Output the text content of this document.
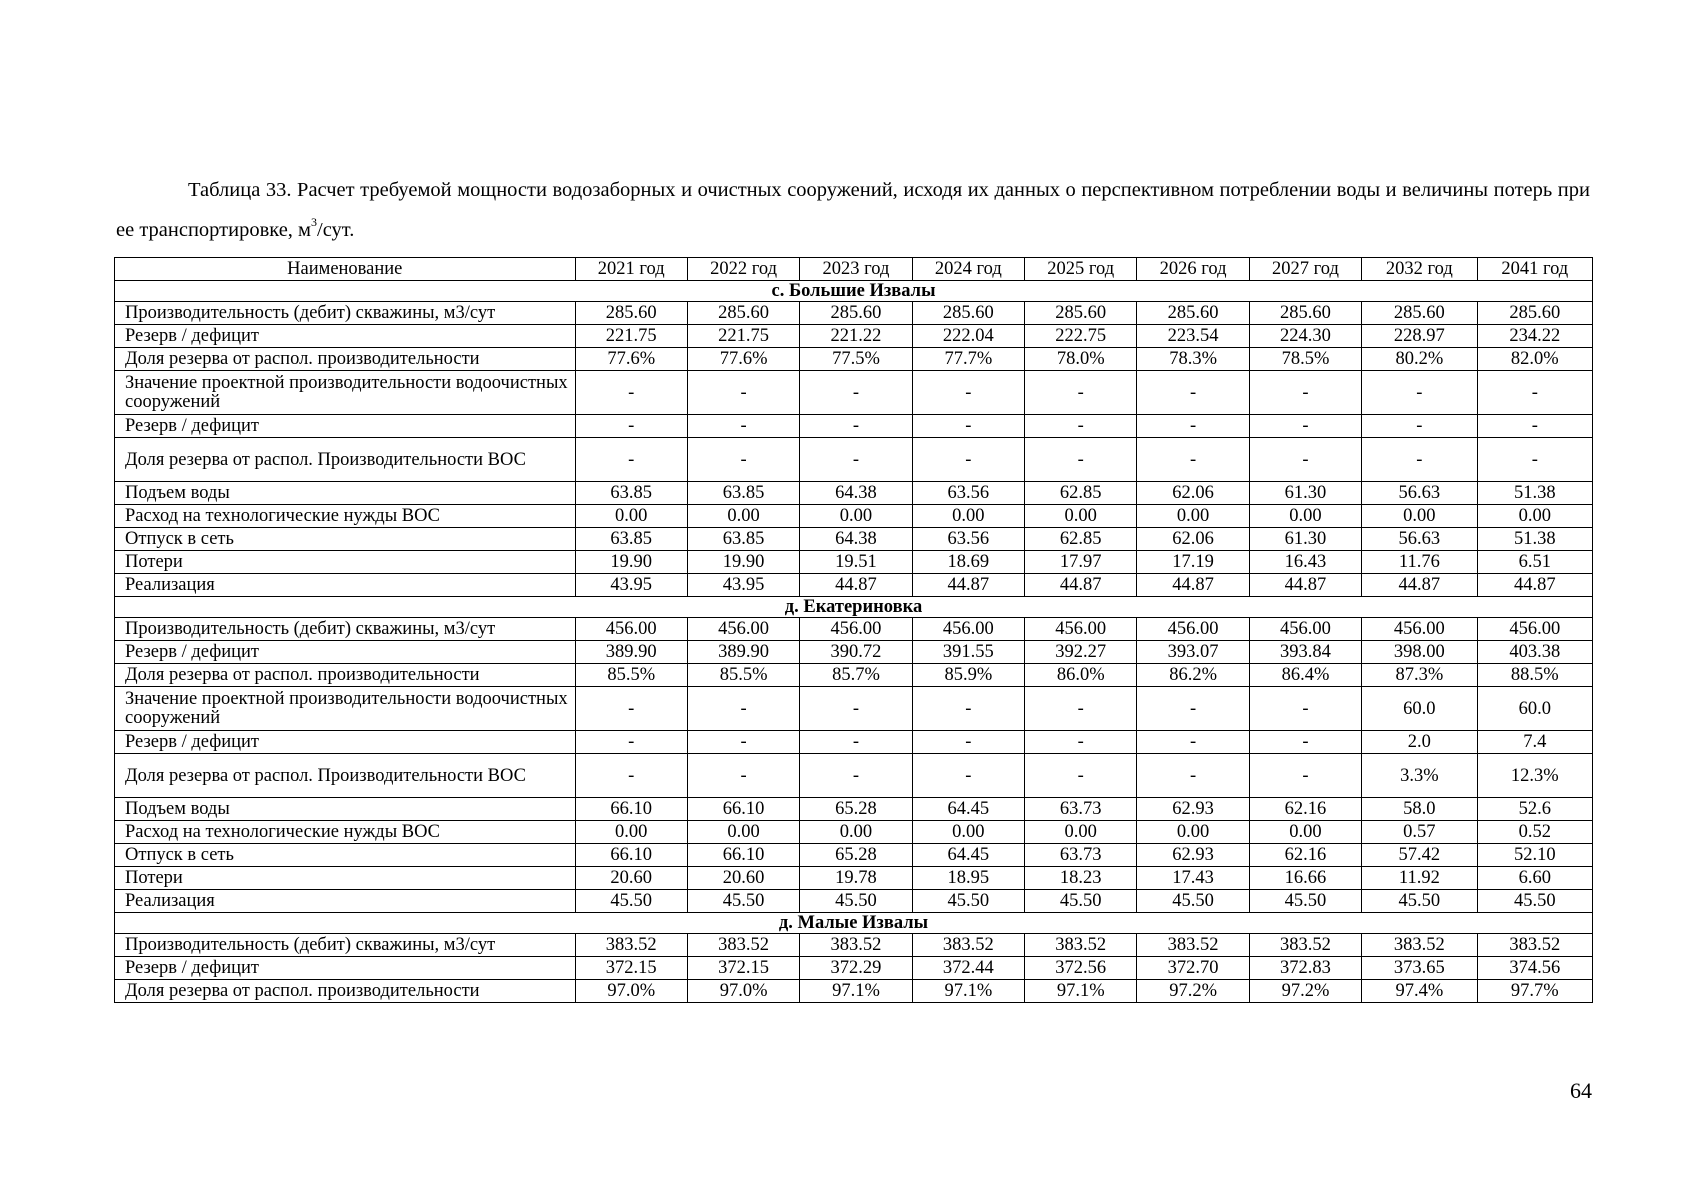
Таблица 33. Расчет требуемой мощности водозаборных и очистных сооружений, исходя их данных о перспективном потреблении воды и величины потерь при ее транспортировке, $м^3$/сут.
Наименование	2021 год	2022 год	2023 год	2024 год	2025 год	2026 год	2027 год	2032 год	2041 год
с. Большие Извалы									
Производительность (дебит) скважины, м3/сут	285.60	285.60	285.60	285.60	285.60	285.60	285.60	285.60	285.60
Резерв / дефицит	221.75	221.75	221.22	222.04	222.75	223.54	224.30	228.97	234.22
Доля резерва от распол. производительности	77.6%	77.6%	77.5%	77.7%	78.0%	78.3%	78.5%	80.2%	82.0%
Значение проектной производительности водоочистных сооружений	-	-	-	-	-	-	-	-	-
Резерв / дефицит	-	-	-	-	-	-	-	-	-
Доля резерва от распол. Производительности ВОС	-	-	-	-	-	-	-	-	-
Подъем воды	63.85	63.85	64.38	63.56	62.85	62.06	61.30	56.63	51.38
Расход на технологические нужды ВОС	0.00	0.00	0.00	0.00	0.00	0.00	0.00	0.00	0.00
Отпуск в сеть	63.85	63.85	64.38	63.56	62.85	62.06	61.30	56.63	51.38
Потери	19.90	19.90	19.51	18.69	17.97	17.19	16.43	11.76	6.51
Реализация	43.95	43.95	44.87	44.87	44.87	44.87	44.87	44.87	44.87
д. Екатериновка									
Производительность (дебит) скважины, м3/сут	456.00	456.00	456.00	456.00	456.00	456.00	456.00	456.00	456.00
Резерв / дефицит	389.90	389.90	390.72	391.55	392.27	393.07	393.84	398.00	403.38
Доля резерва от распол. производительности	85.5%	85.5%	85.7%	85.9%	86.0%	86.2%	86.4%	87.3%	88.5%
Значение проектной производительности водоочистных сооружений	-	-	-	-	-	-	-	60.0	60.0
Резерв / дефицит	-	-	-	-	-	-	-	2.0	7.4
Доля резерва от распол. Производительности ВОС	-	-	-	-	-	-	-	3.3%	12.3%
Подъем воды	66.10	66.10	65.28	64.45	63.73	62.93	62.16	58.0	52.6
Расход на технологические нужды ВОС	0.00	0.00	0.00	0.00	0.00	0.00	0.00	0.57	0.52
Отпуск в сеть	66.10	66.10	65.28	64.45	63.73	62.93	62.16	57.42	52.10
Потери	20.60	20.60	19.78	18.95	18.23	17.43	16.66	11.92	6.60
Реализация	45.50	45.50	45.50	45.50	45.50	45.50	45.50	45.50	45.50
д. Малые Извалы									
Производительность (дебит) скважины, м3/сут	383.52	383.52	383.52	383.52	383.52	383.52	383.52	383.52	383.52
Резерв / дефицит	372.15	372.15	372.29	372.44	372.56	372.70	372.83	373.65	374.56
Доля резерва от распол. производительности	97.0%	97.0%	97.1%	97.1%	97.1%	97.2%	97.2%	97.4%	97.7%
64
